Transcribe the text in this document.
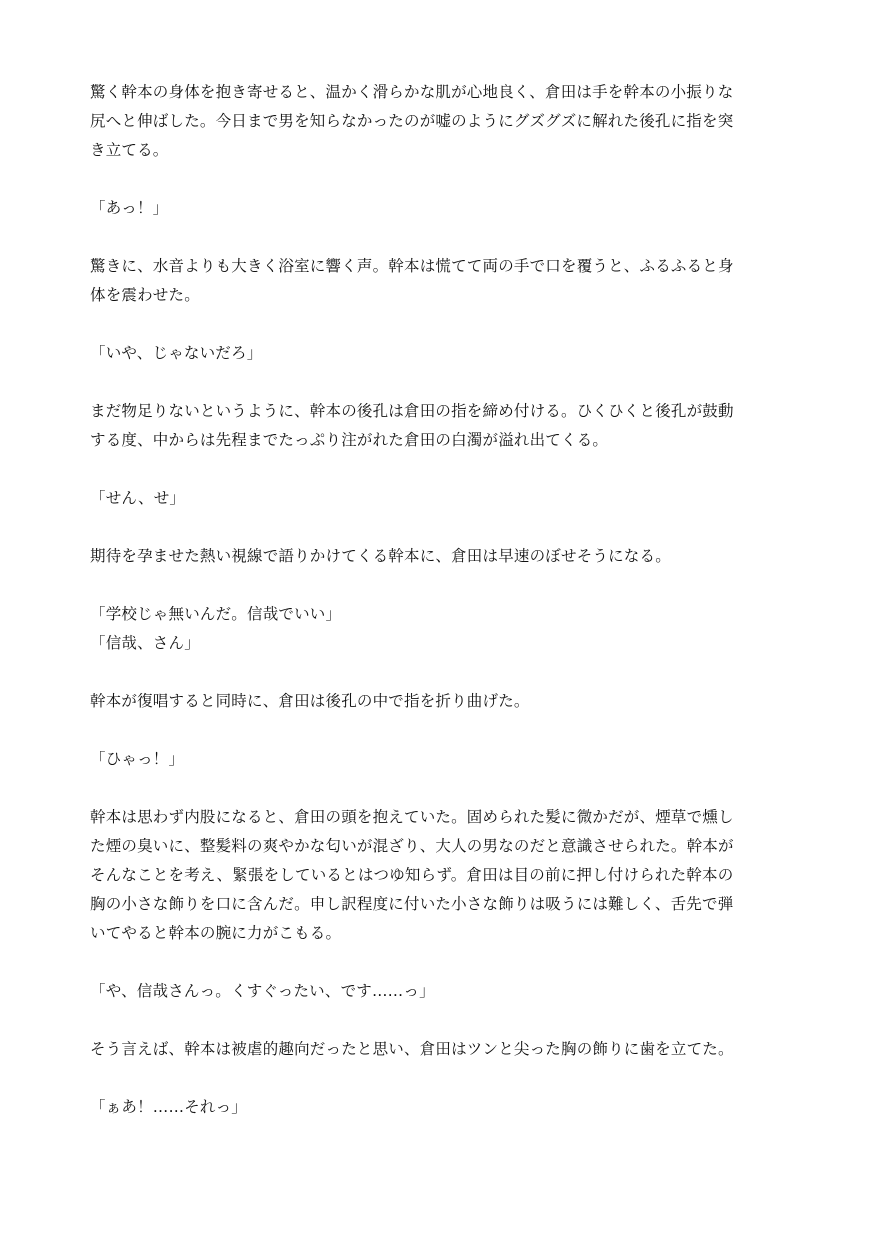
驚く幹本の身体を抱き寄せると、温かく滑らかな肌が心地良く、倉田は手を幹本の小振りな
尻へと伸ばした。今日まで男を知らなかったのが嘘のようにグズグズに解れた後孔に指を突
き立てる。
「あっ！」
驚きに、水音よりも大きく浴室に響く声。幹本は慌てて両の手で口を覆うと、ふるふると身
体を震わせた。
「いや、じゃないだろ」
まだ物足りないというように、幹本の後孔は倉田の指を締め付ける。ひくひくと後孔が鼓動
する度、中からは先程までたっぷり注がれた倉田の白濁が溢れ出てくる。
「せん、せ」
期待を孕ませた熱い視線で語りかけてくる幹本に、倉田は早速のぼせそうになる。
「学校じゃ無いんだ。信哉でいい」
「信哉、さん」
幹本が復唱すると同時に、倉田は後孔の中で指を折り曲げた。
「ひゃっ！」
幹本は思わず内股になると、倉田の頭を抱えていた。固められた髪に微かだが、煙草で燻し
た煙の臭いに、整髪料の爽やかな匂いが混ざり、大人の男なのだと意識させられた。幹本が
そんなことを考え、緊張をしているとはつゆ知らず。倉田は目の前に押し付けられた幹本の
胸の小さな飾りを口に含んだ。申し訳程度に付いた小さな飾りは吸うには難しく、舌先で弾
いてやると幹本の腕に力がこもる。
「や、信哉さんっ。くすぐったい、です……っ」
そう言えば、幹本は被虐的趣向だったと思い、倉田はツンと尖った胸の飾りに歯を立てた。
「ぁあ！……それっ」
